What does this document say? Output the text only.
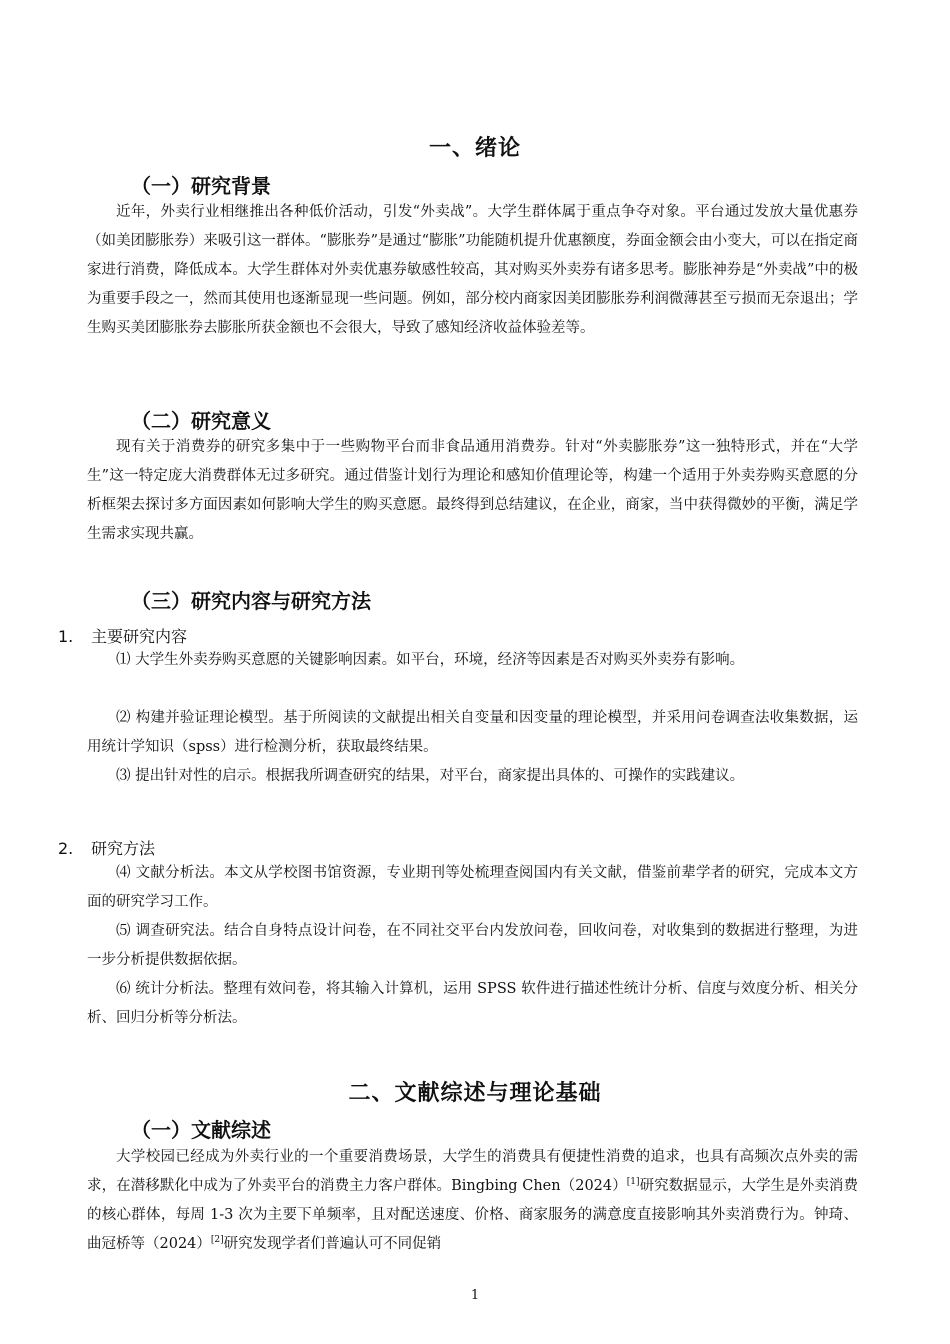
一、绪论
（一）研究背景

近年，外卖行业相继推出各种低价活动，引发“外卖战”。大学生群体属于重点争夺对象。平台通过发放大量优惠券（如美团膨胀券）来吸引这一群体。“膨胀券”是通过“膨胀”功能随机提升优惠额度，券面金额会由小变大，可以在指定商家进行消费，降低成本。大学生群体对外卖优惠券敏感性较高，其对购买外卖券有诸多思考。膨胀神券是“外卖战”中的极为重要手段之一，然而其使用也逐渐显现一些问题。例如，部分校内商家因美团膨胀券利润微薄甚至亏损而无奈退出；学生购买美团膨胀券去膨胀所获金额也不会很大，导致了感知经济收益体验差等。

（二）研究意义

现有关于消费券的研究多集中于一些购物平台而非食品通用消费券。针对“外卖膨胀券”这一独特形式，并在“大学生”这一特定庞大消费群体无过多研究。通过借鉴计划行为理论和感知价值理论等，构建一个适用于外卖券购买意愿的分析框架去探讨多方面因素如何影响大学生的购买意愿。最终得到总结建议，在企业，商家，当中获得微妙的平衡，满足学生需求实现共赢。

（三）研究内容与研究方法
1. 主要研究内容

⑴ 大学生外卖券购买意愿的关键影响因素。如平台，环境，经济等因素是否对购买外卖券有影响。

⑵ 构建并验证理论模型。基于所阅读的文献提出相关自变量和因变量的理论模型，并采用问卷调查法收集数据，运用统计学知识（spss）进行检测分析，获取最终结果。

⑶ 提出针对性的启示。根据我所调查研究的结果，对平台，商家提出具体的、可操作的实践建议。

2. 研究方法

⑷ 文献分析法。本文从学校图书馆资源，专业期刊等处梳理查阅国内有关文献，借鉴前辈学者的研究，完成本文方面的研究学习工作。

⑸ 调查研究法。结合自身特点设计问卷，在不同社交平台内发放问卷，回收问卷，对收集到的数据进行整理，为进一步分析提供数据依据。

⑹ 统计分析法。整理有效问卷，将其输入计算机，运用 SPSS 软件进行描述性统计分析、信度与效度分析、相关分析、回归分析等分析法。

二、文献综述与理论基础
（一）文献综述

大学校园已经成为外卖行业的一个重要消费场景，大学生的消费具有便捷性消费的追求，也具有高频次点外卖的需求，在潜移默化中成为了外卖平台的消费主力客户群体。Bingbing Chen（2024）[1]研究数据显示，大学生是外卖消费的核心群体，每周 1-3 次为主要下单频率，且对配送速度、价格、商家服务的满意度直接影响其外卖消费行为。钟琦、曲冠桥等（2024）[2]研究发现学者们普遍认可不同促销

1
